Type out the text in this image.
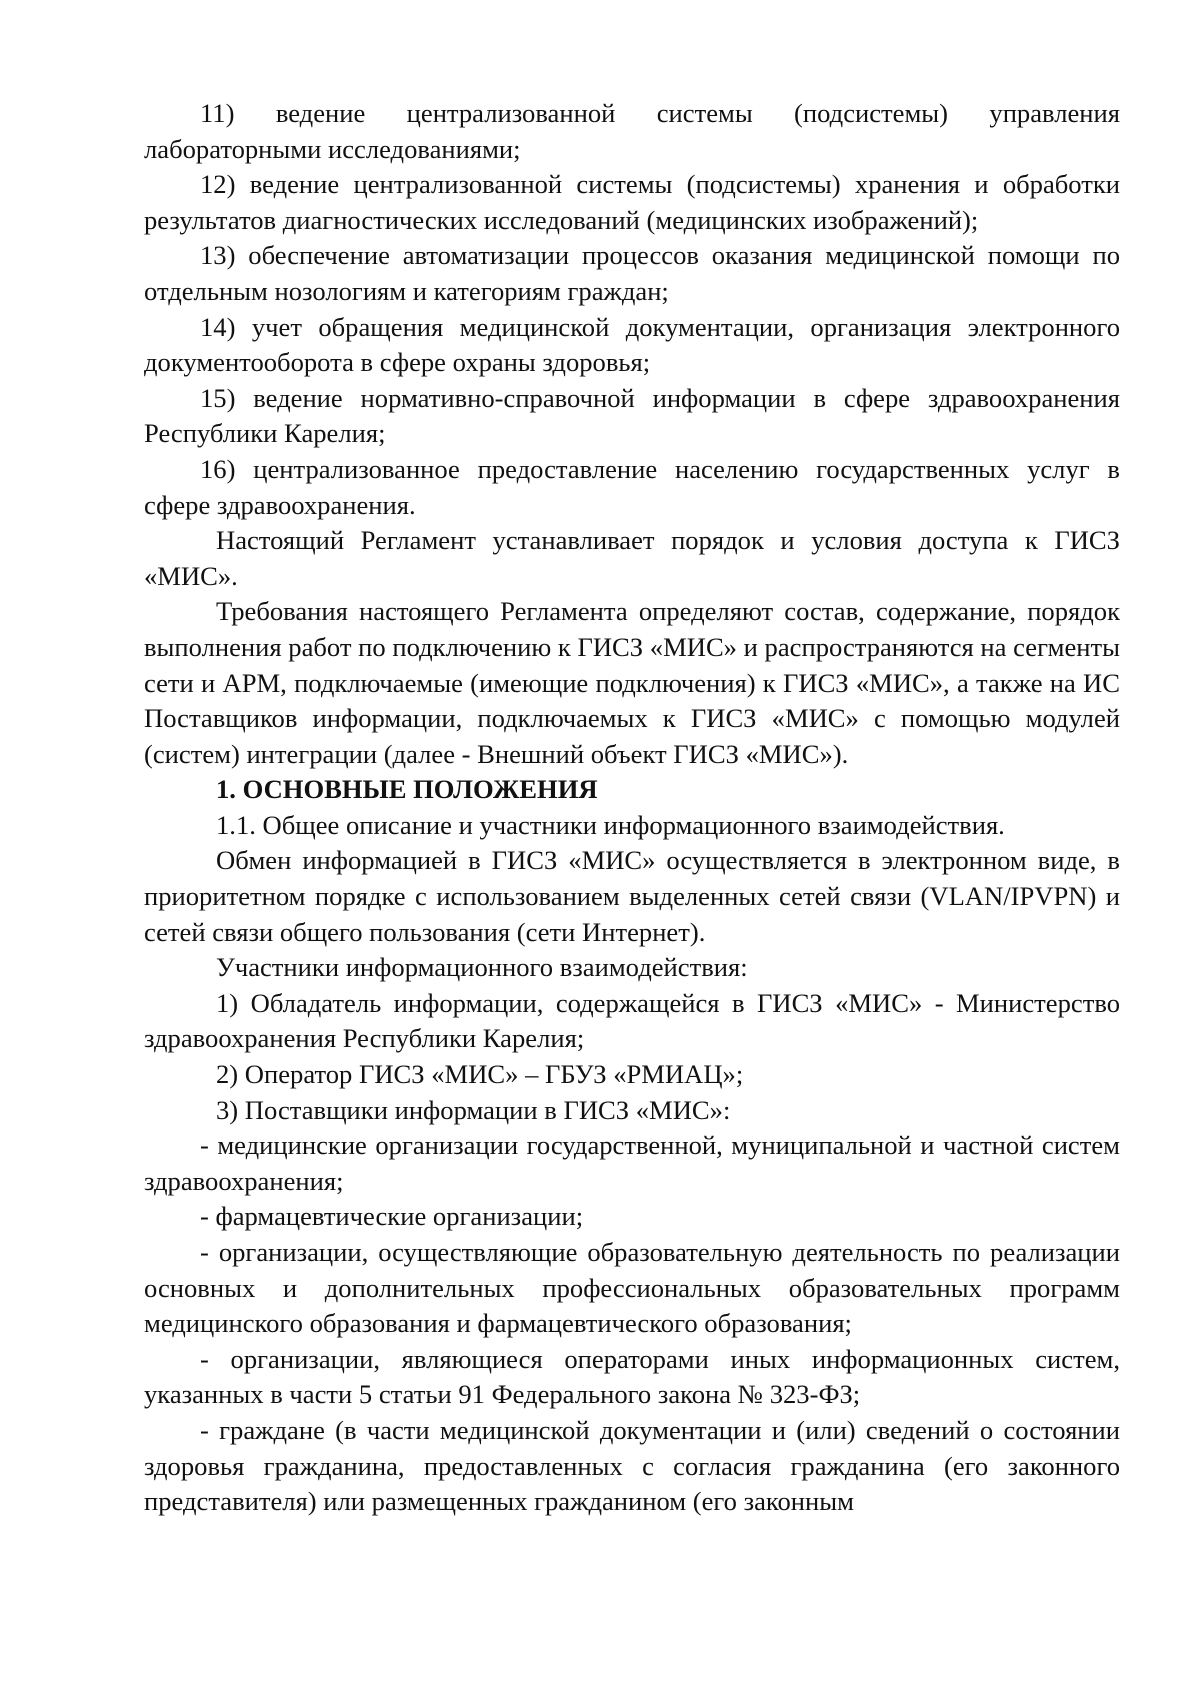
11) ведение централизованной системы (подсистемы) управления лабораторными исследованиями;

12) ведение централизованной системы (подсистемы) хранения и обработки результатов диагностических исследований (медицинских изображений);

13) обеспечение автоматизации процессов оказания медицинской помощи по отдельным нозологиям и категориям граждан;

14) учет обращения медицинской документации, организация электронного документооборота в сфере охраны здоровья;

15) ведение нормативно-справочной информации в сфере здравоохранения Республики Карелия;

16) централизованное предоставление населению государственных услуг в сфере здравоохранения.

Настоящий Регламент устанавливает порядок и условия доступа к ГИСЗ «МИС».

Требования настоящего Регламента определяют состав, содержание, порядок выполнения работ по подключению к ГИСЗ «МИС» и распространяются на сегменты сети и АРМ, подключаемые (имеющие подключения) к ГИСЗ «МИС», а также на ИС Поставщиков информации, подключаемых к ГИСЗ «МИС» с помощью модулей (систем) интеграции (далее - Внешний объект ГИСЗ «МИС»).

1. ОСНОВНЫЕ ПОЛОЖЕНИЯ

1.1. Общее описание и участники информационного взаимодействия.

Обмен информацией в ГИСЗ «МИС» осуществляется в электронном виде, в приоритетном порядке с использованием выделенных сетей связи (VLAN/IPVPN) и сетей связи общего пользования (сети Интернет).

Участники информационного взаимодействия:

1) Обладатель информации, содержащейся в ГИСЗ «МИС» - Министерство здравоохранения Республики Карелия;

2) Оператор ГИСЗ «МИС» – ГБУЗ «РМИАЦ»;

3) Поставщики информации в ГИСЗ «МИС»:

- медицинские организации государственной, муниципальной и частной систем здравоохранения;

- фармацевтические организации;

- организации, осуществляющие образовательную деятельность по реализации основных и дополнительных профессиональных образовательных программ медицинского образования и фармацевтического образования;

- организации, являющиеся операторами иных информационных систем, указанных в части 5 статьи 91 Федерального закона № 323-ФЗ;

- граждане (в части медицинской документации и (или) сведений о состоянии здоровья гражданина, предоставленных с согласия гражданина (его законного представителя) или размещенных гражданином (его законным
